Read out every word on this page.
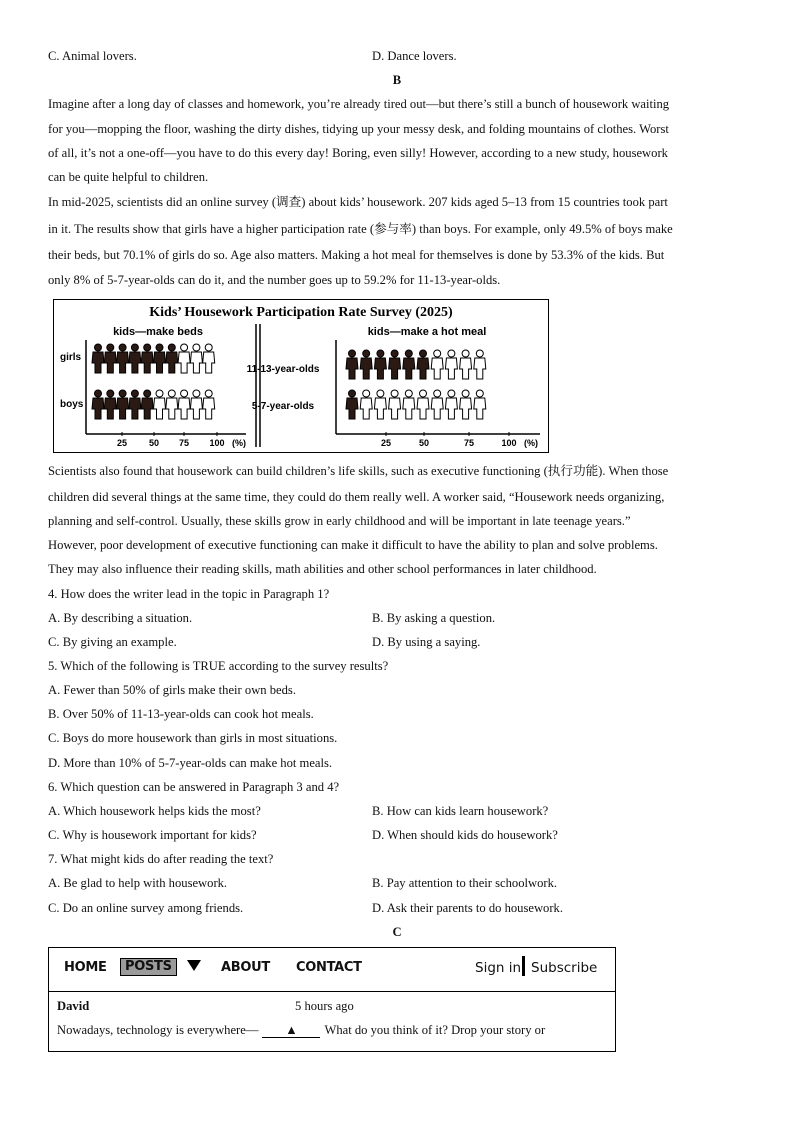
C. Animal lovers.	D. Dance lovers.
B
Imagine after a long day of classes and homework, you’re already tired out—but there’s still a bunch of housework waiting
for you—mopping the floor, washing the dirty dishes, tidying up your messy desk, and folding mountains of clothes. Worst
of all, it’s not a one-off—you have to do this every day! Boring, even silly! However, according to a new study, housework
can be quite helpful to children.
In mid-2025, scientists did an online survey (调查) about kids’ housework. 207 kids aged 5–13 from 15 countries took part
in it. The results show that girls have a higher participation rate (参与率) than boys. For example, only 49.5% of boys make
their beds, but 70.1% of girls do so. Age also matters. Making a hot meal for themselves is done by 53.3% of the kids. But
only 8% of 5-7-year-olds can do it, and the number goes up to 59.2% for 11-13-year-olds.
Kids’ Housework Participation Rate Survey (2025)
kids—make beds	kids—make a hot meal
girls
boys
11-13-year-olds
5-7-year-olds
25 50 75 100 (%)	25	50	75	100 (%)
Scientists also found that housework can build children’s life skills, such as executive functioning (执行功能). When those
children did several things at the same time, they could do them really well. A worker said, “Housework needs organizing,
planning and self-control. Usually, these skills grow in early childhood and will be important in late teenage years.”
However, poor development of executive functioning can make it difficult to have the ability to plan and solve problems.
They may also influence their reading skills, math abilities and other school performances in later childhood.
4. How does the writer lead in the topic in Paragraph 1?
A. By describing a situation.	B. By asking a question.
C. By giving an example.	D. By using a saying.
5. Which of the following is TRUE according to the survey results?
A. Fewer than 50% of girls make their own beds.
B. Over 50% of 11-13-year-olds can cook hot meals.
C. Boys do more housework than girls in most situations.
D. More than 10% of 5-7-year-olds can make hot meals.
6. Which question can be answered in Paragraph 3 and 4?
A. Which housework helps kids the most?	B. How can kids learn housework?
C. Why is housework important for kids?	D. When should kids do housework?
7. What might kids do after reading the text?
A. Be glad to help with housework.	B. Pay attention to their schoolwork.
C. Do an online survey among friends.	D. Ask their parents to do housework.
C
HOME	POSTS	ABOUT CONTACT	Sign in Subscribe
David	5 hours ago
Nowadays, technology is everywhere— ▲ What do you think of it? Drop your story or
